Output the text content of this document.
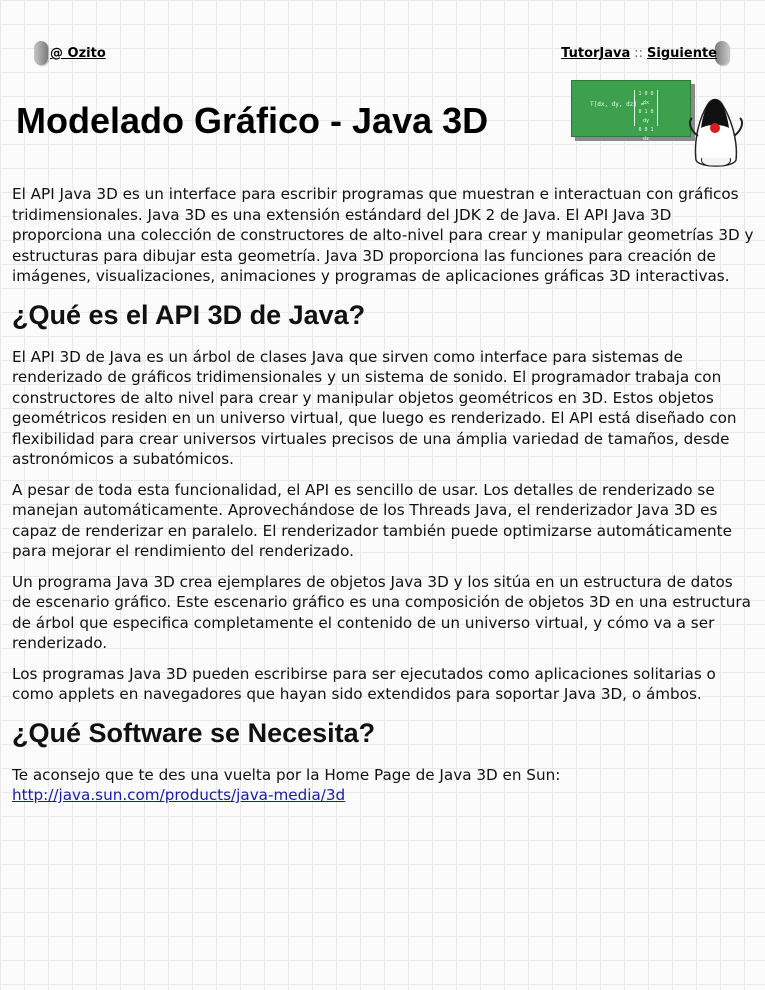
@ Ozito	TutorJava :: Siguiente
Modelado Gráfico - Java 3D	T[dx, dy, dz] =
1 0 0 dx
0 1 0 dy
0 0 1 dz
0 0 0 1

El API Java 3D es un interface para escribir programas que muestran e interactuan con gráficos tridimensionales. Java 3D es una extensión estándard del JDK 2 de Java. El API Java 3D proporciona una colección de constructores de alto-nivel para crear y manipular geometrías 3D y estructuras para dibujar esta geometría. Java 3D proporciona las funciones para creación de imágenes, visualizaciones, animaciones y programas de aplicaciones gráficas 3D interactivas.

¿Qué es el API 3D de Java?

El API 3D de Java es un árbol de clases Java que sirven como interface para sistemas de renderizado de gráficos tridimensionales y un sistema de sonido. El programador trabaja con constructores de alto nivel para crear y manipular objetos geométricos en 3D. Estos objetos geométricos residen en un universo virtual, que luego es renderizado. El API está diseñado con flexibilidad para crear universos virtuales precisos de una ámplia variedad de tamaños, desde astronómicos a subatómicos.

A pesar de toda esta funcionalidad, el API es sencillo de usar. Los detalles de renderizado se manejan automáticamente. Aprovechándose de los Threads Java, el renderizador Java 3D es capaz de renderizar en paralelo. El renderizador también puede optimizarse automáticamente para mejorar el rendimiento del renderizado.

Un programa Java 3D crea ejemplares de objetos Java 3D y los sitúa en un estructura de datos de escenario gráfico. Este escenario gráfico es una composición de objetos 3D en una estructura de árbol que especifica completamente el contenido de un universo virtual, y cómo va a ser renderizado.

Los programas Java 3D pueden escribirse para ser ejecutados como aplicaciones solitarias o como applets en navegadores que hayan sido extendidos para soportar Java 3D, o ámbos.

¿Qué Software se Necesita?

Te aconsejo que te des una vuelta por la Home Page de Java 3D en Sun:
http://java.sun.com/products/java-media/3d
